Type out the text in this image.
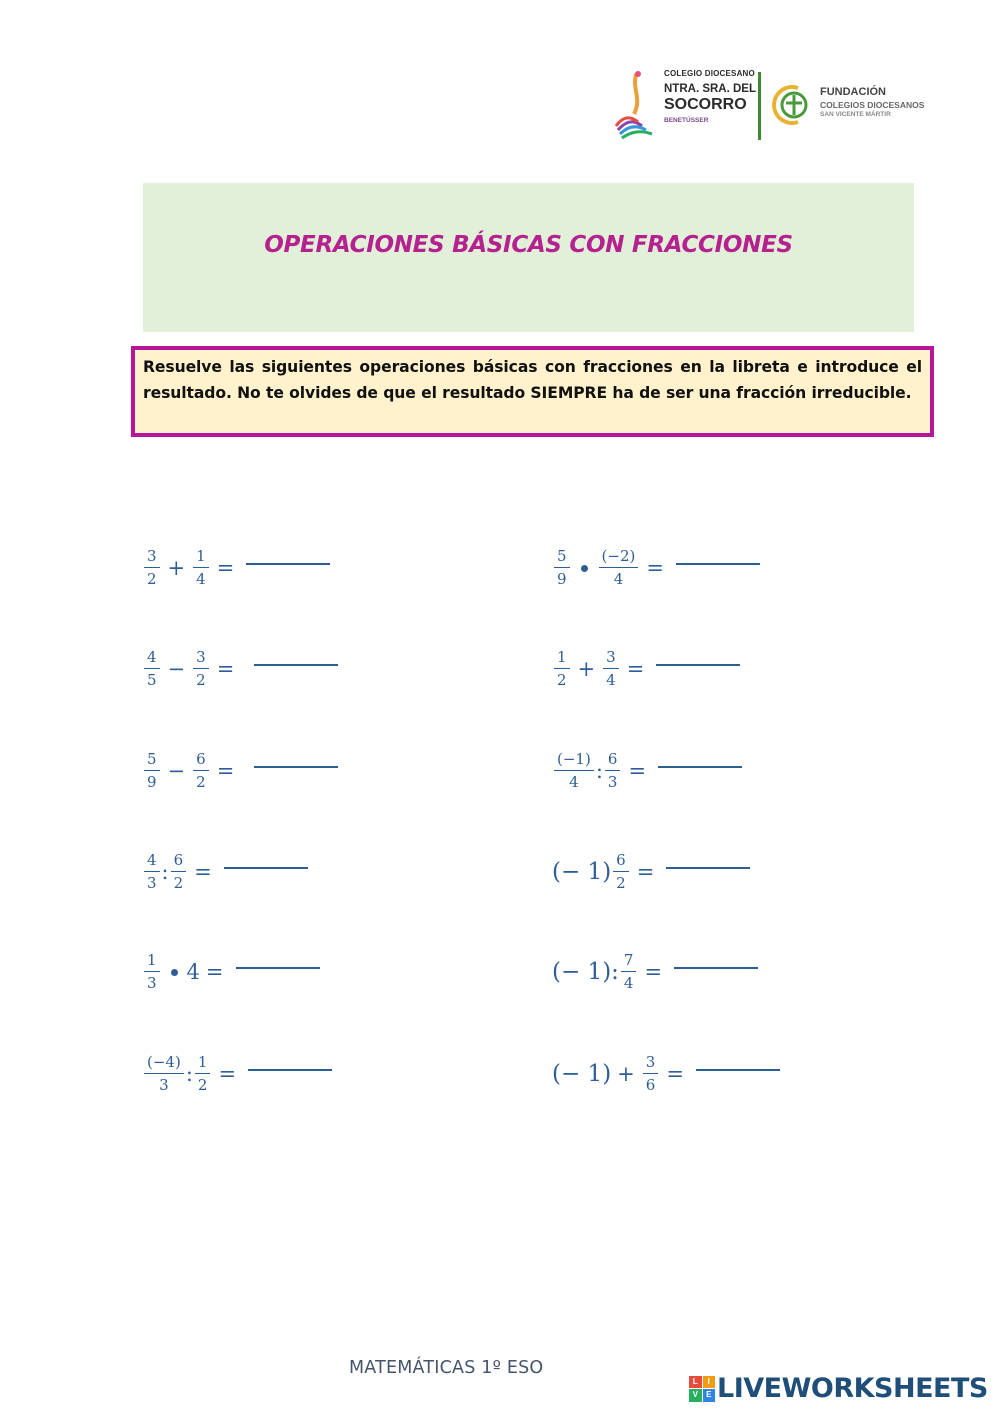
COLEGIO DIOCESANO
NTRA. SRA. DEL
SOCORRO
BENETÚSSER
FUNDACIÓN
COLEGIOS DIOCESANOS
SAN VICENTE MÁRTIR
OPERACIONES BÁSICAS CON FRACCIONES

Resuelve las siguientes operaciones básicas con fracciones en la libreta e introduce el resultado. No te olvides de que el resultado SIEMPRE ha de ser una fracción irreducible.

$\frac{3}{2} + \frac{1}{4}$ =
$\frac{4}{5} - \frac{3}{2}$ =
$\frac{5}{9} - \frac{6}{2}$ =
$\frac{4}{3}$ : $\frac{6}{2}$ =
$\frac{1}{3} 4$ =
$\frac{(-4)}{3}$ : $\frac{1}{2}$ =
$\frac{5}{9} \frac{(-2)}{4}$ =
$\frac{1}{2} + \frac{3}{4}$ =
$\frac{(-1)}{4}$ : $\frac{6}{3}$ =
(− $1) \frac{6}{2}$ =
(− 1): $\frac{7}{4}$ =
(− $1) + \frac{3}{6}$ =
MATEMÁTICAS 1º ESO
L	I
V	E LIVEWORKSHEETS
